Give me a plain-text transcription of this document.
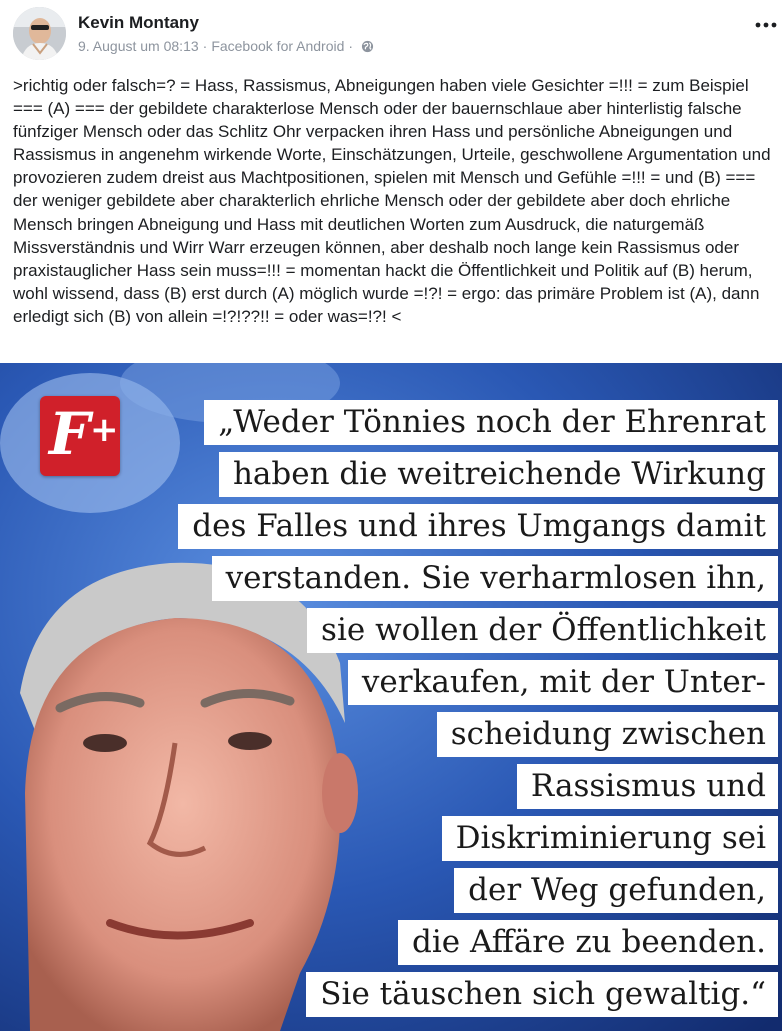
Kevin Montany
9. August um 08:13 · Facebook for Android ·

>richtig oder falsch=? = Hass, Rassismus, Abneigungen haben viele Gesichter =!!! = zum Beispiel === (A) === der gebildete charakterlose Mensch oder der bauernschlaue aber hinterlistig falsche fünfziger Mensch oder das Schlitz Ohr verpacken ihren Hass und persönliche Abneigungen und Rassismus in angenehm wirkende Worte, Einschätzungen, Urteile, geschwollene Argumentation und provozieren zudem dreist aus Machtpositionen, spielen mit Mensch und Gefühle =!!! = und (B) === der weniger gebildete aber charakterlich ehrliche Mensch oder der gebildete aber doch ehrliche Mensch bringen Abneigung und Hass mit deutlichen Worten zum Ausdruck, die naturgemäß Missverständnis und Wirr Warr erzeugen können, aber deshalb noch lange kein Rassismus oder praxistauglicher Hass sein muss=!!! = momentan hackt die Öffentlichkeit und Politik auf (B) herum, wohl wissend, dass (B) erst durch (A) möglich wurde =!?! = ergo: das primäre Problem ist (A), dann erledigt sich (B) von allein =!?!??!! = oder was=!?! <

F +	„Weder Tönnies noch der Ehrenrat
haben die weitreichende Wirkung
des Falles und ihres Umgangs damit
verstanden. Sie verharmlosen ihn,
sie wollen der Öffentlichkeit
verkaufen, mit der Unter-
scheidung zwischen
Rassismus und
Diskriminierung sei
der Weg gefunden,
die Affäre zu beenden.
Sie täuschen sich gewaltig.“
